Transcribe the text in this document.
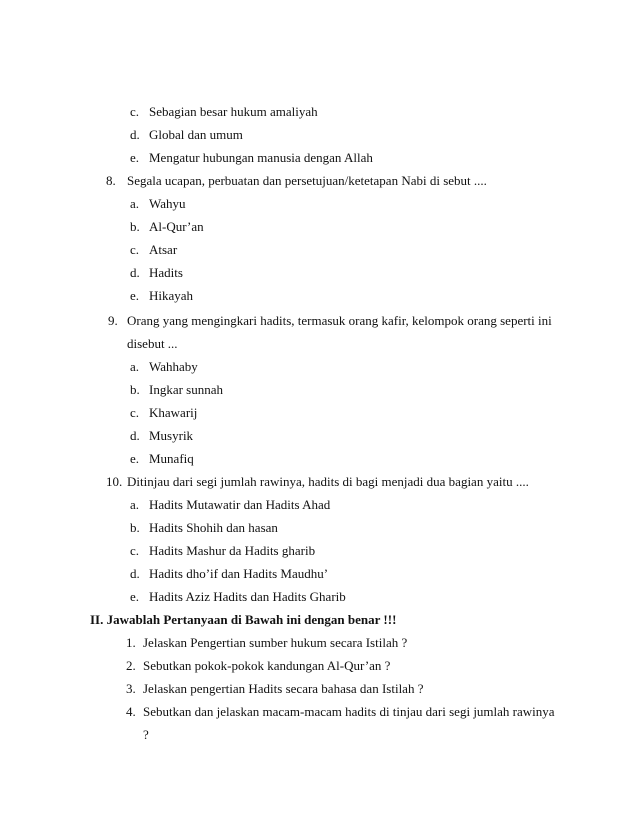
c. Sebagian besar hukum amaliyah
d. Global dan umum
e. Mengatur hubungan manusia dengan Allah
8. Segala ucapan, perbuatan dan persetujuan/ketetapan Nabi di sebut ....
a. Wahyu
b. Al-Qur’an
c. Atsar
d. Hadits
e. Hikayah
9. Orang yang mengingkari hadits, termasuk orang kafir, kelompok orang seperti ini
disebut ...
a. Wahhaby
b. Ingkar sunnah
c. Khawarij
d. Musyrik
e. Munafiq
10. Ditinjau dari segi jumlah rawinya, hadits di bagi menjadi dua bagian yaitu ....
a. Hadits Mutawatir dan Hadits Ahad
b. Hadits Shohih dan hasan
c. Hadits Mashur da Hadits gharib
d. Hadits dho’if dan Hadits Maudhu’
e. Hadits Aziz Hadits dan Hadits Gharib
II. Jawablah Pertanyaan di Bawah ini dengan benar !!!
1. Jelaskan Pengertian sumber hukum secara Istilah ?
2. Sebutkan pokok-pokok kandungan Al-Qur’an ?
3. Jelaskan pengertian Hadits secara bahasa dan Istilah ?
4. Sebutkan dan jelaskan macam-macam hadits di tinjau dari segi jumlah rawinya
?
